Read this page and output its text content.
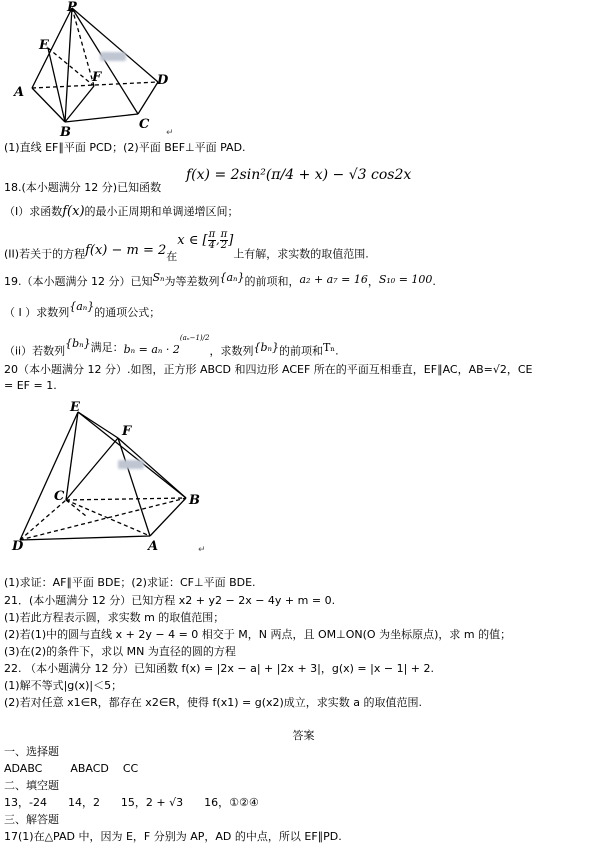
P
E
F	D
A
B
C
↵
(1)直线 EF∥平面 PCD；(2)平面 BEF⊥平面 PAD.
18.(本小题满分 12 分)已知函数
f(x) = 2sin²(π/4 + x) − √3 cos2x
（I）求函数f(x)的最小正周期和单调递增区间；
(II)若关于的方程f(x) − m = 2在x ∈ [ $\frac{\pi}{4}$ , $\frac{\pi}{2}$ ]上有解，求实数的取值范围.
19.（本小题满分 12 分）已知Sₙ为等差数列{aₙ}的前项和，a₂ + a₇ = 16，S₁₀ = 100.
（ I ）求数列{aₙ}的通项公式；
（ii）若数列{bₙ}满足：$b_n = a_n \cdot 2^{(a_n-1)/2}$，求数列{bₙ}的前项和Tₙ.
20（本小题满分 12 分）.如图，正方形 ABCD 和四边形 ACEF 所在的平面互相垂直，EF∥AC，AB=√2，CE
= EF = 1.
E
F
C	B
D	A	↵
(1)求证：AF∥平面 BDE；(2)求证：CF⊥平面 BDE.
21．(本小题满分 12 分）已知方程 x2 + y2 − 2x − 4y + m = 0.
(1)若此方程表示圆，求实数 m 的取值范围；
(2)若(1)中的圆与直线 x + 2y − 4 = 0 相交于 M，N 两点，且 OM⊥ON(O 为坐标原点)，求 m 的值；
(3)在(2)的条件下，求以 MN 为直径的圆的方程
22. （本小题满分 12 分）已知函数 f(x) = |2x − a| + |2x + 3|，g(x) = |x − 1| + 2.
(1)解不等式|g(x)|＜5；
(2)若对任意 x1∈R，都存在 x2∈R，使得 f(x1) = g(x2)成立，求实数 a 的取值范围.
答案
一、选择题
ADABC        ABACD    CC
二、填空题
13，-24      14，2      15，2 + √3      16，①②④
三、解答题
17(1)在△PAD 中，因为 E，F 分别为 AP，AD 的中点，所以 EF∥PD.
